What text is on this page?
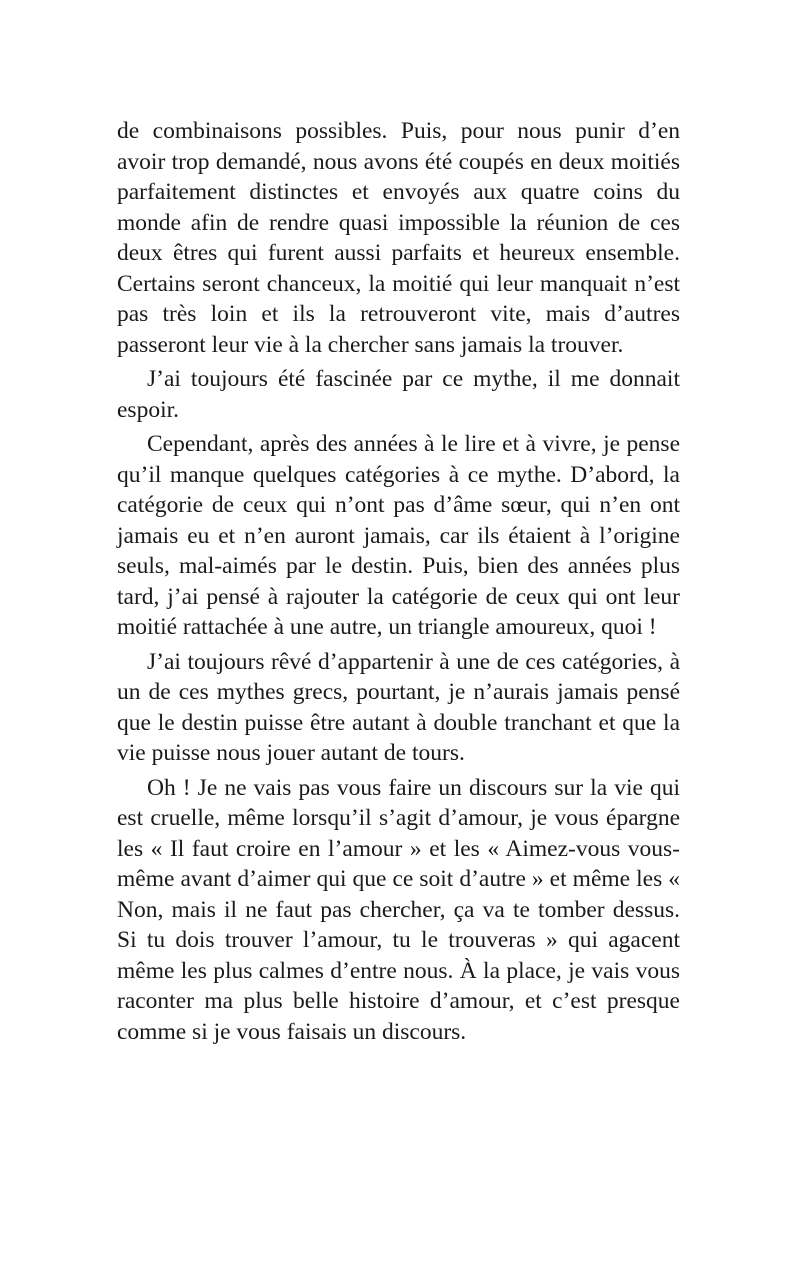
de combinaisons possibles. Puis, pour nous punir d’en avoir trop demandé, nous avons été coupés en deux moitiés parfaitement distinctes et envoyés aux quatre coins du monde afin de rendre quasi impossible la réunion de ces deux êtres qui furent aussi parfaits et heureux ensemble. Certains seront chanceux, la moitié qui leur manquait n’est pas très loin et ils la retrouveront vite, mais d’autres passeront leur vie à la chercher sans jamais la trouver.

J’ai toujours été fascinée par ce mythe, il me donnait espoir.

Cependant, après des années à le lire et à vivre, je pense qu’il manque quelques catégories à ce mythe. D’abord, la catégorie de ceux qui n’ont pas d’âme sœur, qui n’en ont jamais eu et n’en auront jamais, car ils étaient à l’origine seuls, mal-aimés par le destin. Puis, bien des années plus tard, j’ai pensé à rajouter la catégorie de ceux qui ont leur moitié rattachée à une autre, un triangle amoureux, quoi !

J’ai toujours rêvé d’appartenir à une de ces catégories, à un de ces mythes grecs, pourtant, je n’aurais jamais pensé que le destin puisse être autant à double tranchant et que la vie puisse nous jouer autant de tours.

Oh ! Je ne vais pas vous faire un discours sur la vie qui est cruelle, même lorsqu’il s’agit d’amour, je vous épargne les « Il faut croire en l’amour » et les « Aimez-vous vous-même avant d’aimer qui que ce soit d’autre » et même les « Non, mais il ne faut pas chercher, ça va te tomber dessus. Si tu dois trouver l’amour, tu le trouveras » qui agacent même les plus calmes d’entre nous. À la place, je vais vous raconter ma plus belle histoire d’amour, et c’est presque comme si je vous faisais un discours.
